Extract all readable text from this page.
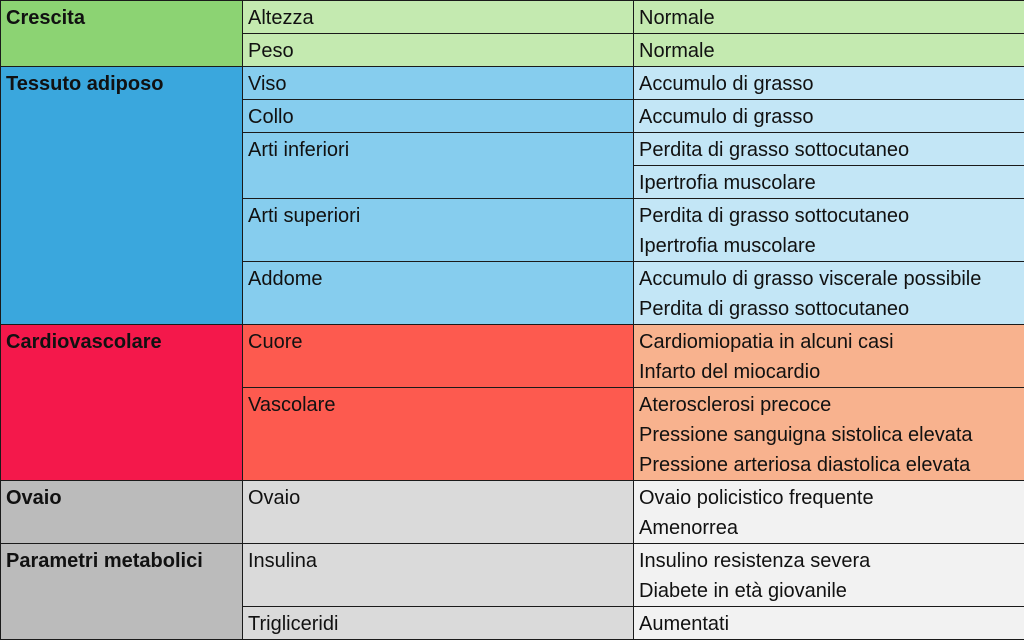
Crescita	Altezza	Normale
	Peso	Normale
Tessuto adiposo	Viso	Accumulo di grasso
	Collo	Accumulo di grasso
	Arti inferiori	Perdita di grasso sottocutaneo
		Ipertrofia muscolare
	Arti superiori	Perdita di grasso sottocutaneo
Ipertrofia muscolare

	Addome	Accumulo di grasso viscerale possibile
Perdita di grasso sottocutaneo

Cardiovascolare	Cuore	Cardiomiopatia in alcuni casi
Infarto del miocardio

	Vascolare	Aterosclerosi precoce
Pressione sanguigna sistolica elevata
Pressione arteriosa diastolica elevata

Ovaio	Ovaio	Ovaio policistico frequente
Amenorrea

Parametri metabolici	Insulina	Insulino resistenza severa
Diabete in età giovanile

	Trigliceridi	Aumentati
